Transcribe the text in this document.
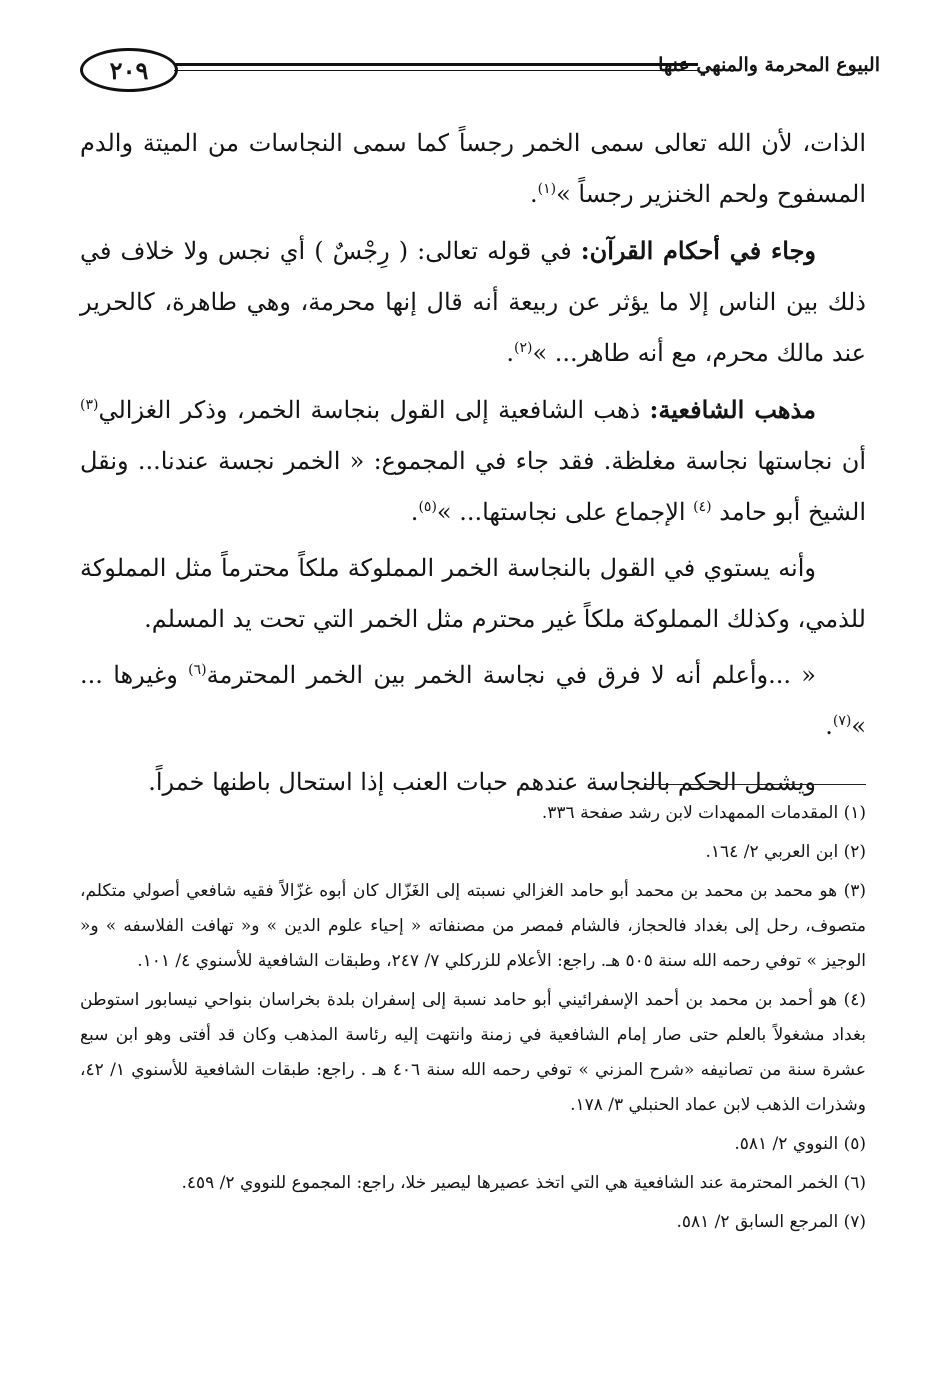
٢٠٩	البيوع المحرمة والمنهي عنها

الذات، لأن الله تعالى سمى الخمر رجساً كما سمى النجاسات من الميتة والدم المسفوح ولحم الخنزير رجساً »$^{(١)}$.

وجاء في أحكام القرآن: في قوله تعالى: ( رِجْسٌ ) أي نجس ولا خلاف في ذلك بين الناس إلا ما يؤثر عن ربيعة أنه قال إنها محرمة، وهي طاهرة، كالحرير عند مالك محرم، مع أنه طاهر... »$^{(٢)}$.

مذهب الشافعية: ذهب الشافعية إلى القول بنجاسة الخمر، وذكر الغزالي$^{(٣)}$ أن نجاستها نجاسة مغلظة. فقد جاء في المجموع: « الخمر نجسة عندنا... ونقل الشيخ أبو حامد $^{(٤)}$ الإجماع على نجاستها... »$^{(٥)}$.

وأنه يستوي في القول بالنجاسة الخمر المملوكة ملكاً محترماً مثل المملوكة للذمي، وكذلك المملوكة ملكاً غير محترم مثل الخمر التي تحت يد المسلم.

« ...وأعلم أنه لا فرق في نجاسة الخمر بين الخمر المحترمة$^{(٦)}$ وغيرها ... »$^{(٧)}$.

ويشمل الحكم بالنجاسة عندهم حبات العنب إذا استحال باطنها خمراً.

(١) المقدمات الممهدات لابن رشد صفحة ٣٣٦.

(٢) ابن العربي ٢/ ١٦٤.

(٣) هو محمد بن محمد بن محمد أبو حامد الغزالي نسبته إلى الغَزّال كان أبوه غزّالاً فقيه شافعي أصولي متكلم، متصوف، رحل إلى بغداد فالحجاز، فالشام فمصر من مصنفاته « إحياء علوم الدين » و« تهافت الفلاسفه » و« الوجيز » توفي رحمه الله سنة ٥٠٥ هـ. راجع: الأعلام للزركلي ٧/ ٢٤٧، وطبقات الشافعية للأسنوي ٤/ ١٠١.

(٤) هو أحمد بن محمد بن أحمد الإسفرائيني أبو حامد نسبة إلى إسفران بلدة بخراسان بنواحي نيسابور استوطن بغداد مشغولاً بالعلم حتى صار إمام الشافعية في زمنة وانتهت إليه رئاسة المذهب وكان قد أفتى وهو ابن سبع عشرة سنة من تصانيفه «شرح المزني » توفي رحمه الله سنة ٤٠٦ هـ . راجع: طبقات الشافعية للأسنوي ١/ ٤٢، وشذرات الذهب لابن عماد الحنبلي ٣/ ١٧٨.

(٥) النووي ٢/ ٥٨١.

(٦) الخمر المحترمة عند الشافعية هي التي اتخذ عصيرها ليصير خلا، راجع: المجموع للنووي ٢/ ٤٥٩.

(٧) المرجع السابق ٢/ ٥٨١.
